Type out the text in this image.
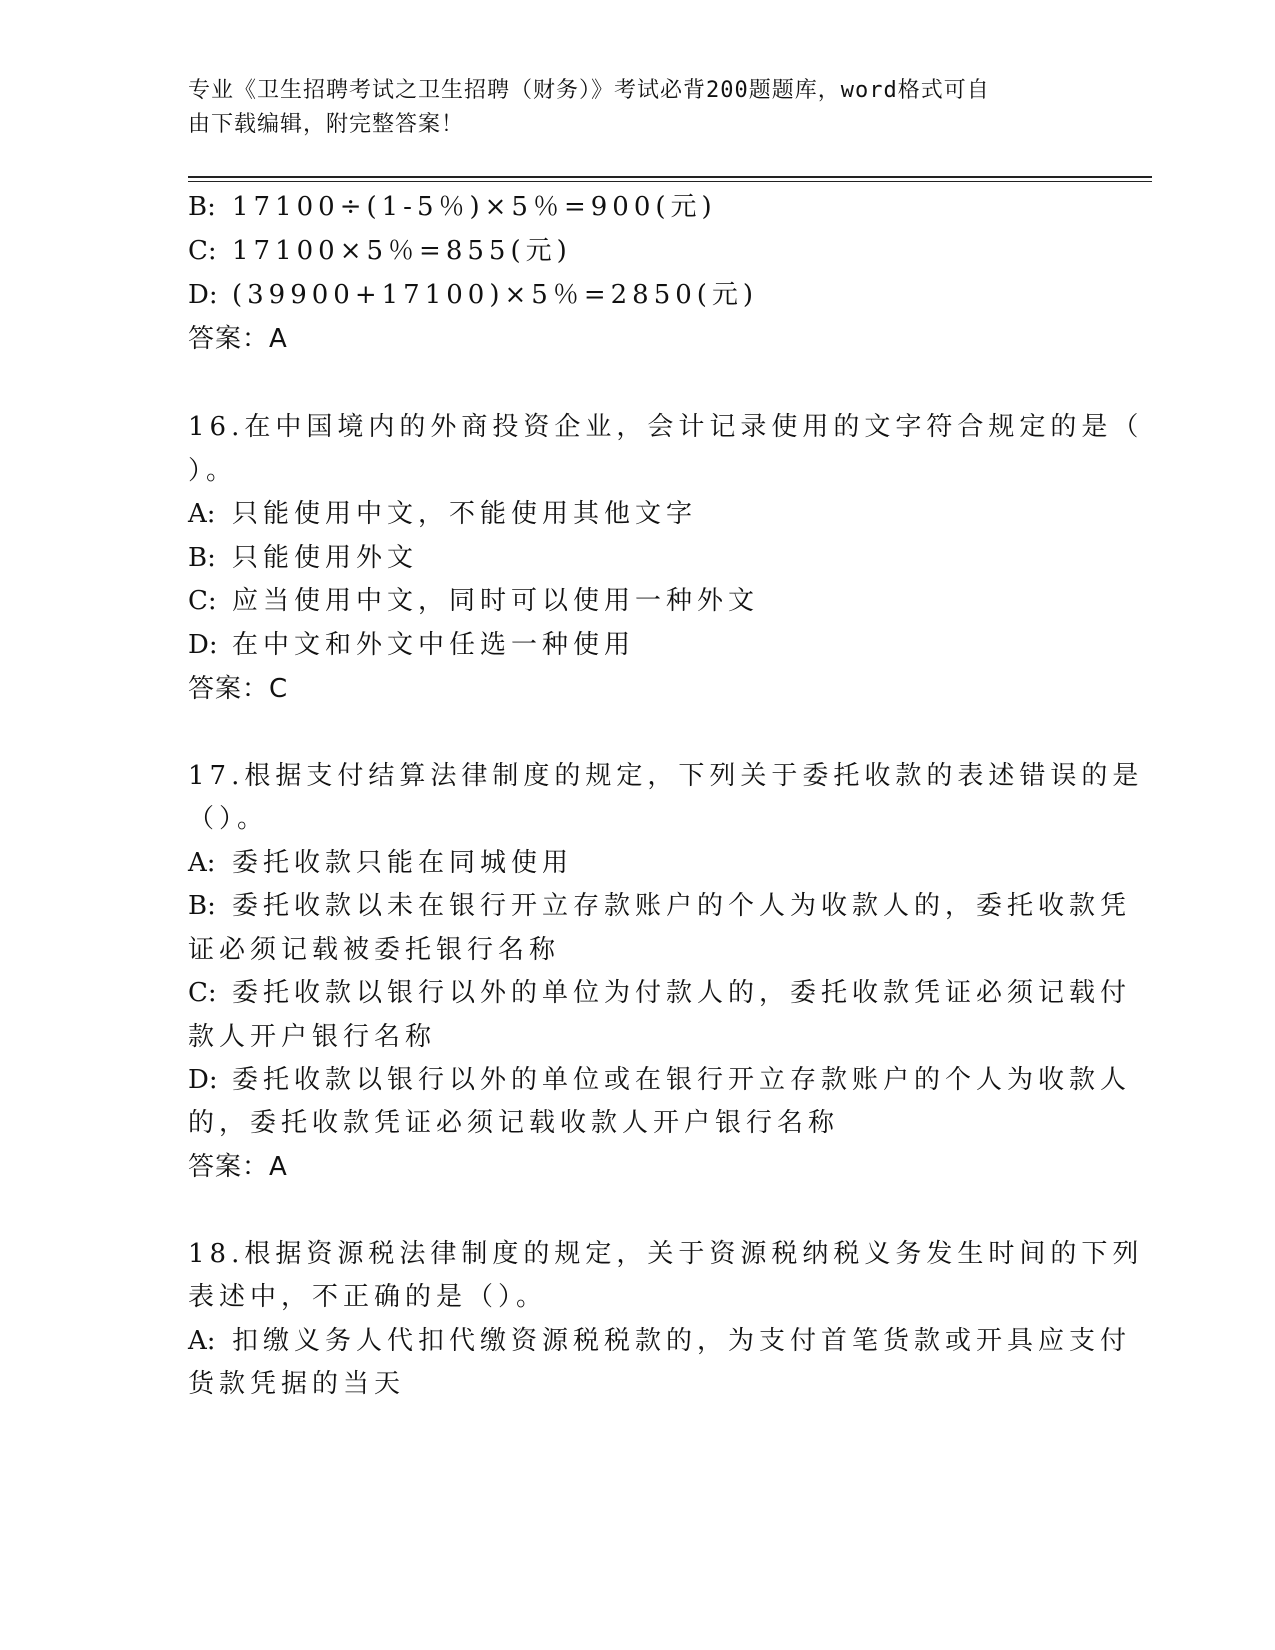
专业《卫生招聘考试之卫生招聘（财务）》考试必背200题题库，word格式可自
由下载编辑，附完整答案！
B: 17100÷(1-5％)×5％=900(元)
C: 17100×5％=855(元)
D: (39900+17100)×5％=2850(元)
答案：A
16.在中国境内的外商投资企业，会计记录使用的文字符合规定的是（
）。
A: 只能使用中文，不能使用其他文字
B: 只能使用外文
C: 应当使用中文，同时可以使用一种外文
D: 在中文和外文中任选一种使用
答案：C
17.根据支付结算法律制度的规定，下列关于委托收款的表述错误的是
（）。
A: 委托收款只能在同城使用
B: 委托收款以未在银行开立存款账户的个人为收款人的，委托收款凭
证必须记载被委托银行名称
C: 委托收款以银行以外的单位为付款人的，委托收款凭证必须记载付
款人开户银行名称
D: 委托收款以银行以外的单位或在银行开立存款账户的个人为收款人
的，委托收款凭证必须记载收款人开户银行名称
答案：A
18.根据资源税法律制度的规定，关于资源税纳税义务发生时间的下列
表述中，不正确的是（）。
A: 扣缴义务人代扣代缴资源税税款的，为支付首笔货款或开具应支付
货款凭据的当天
